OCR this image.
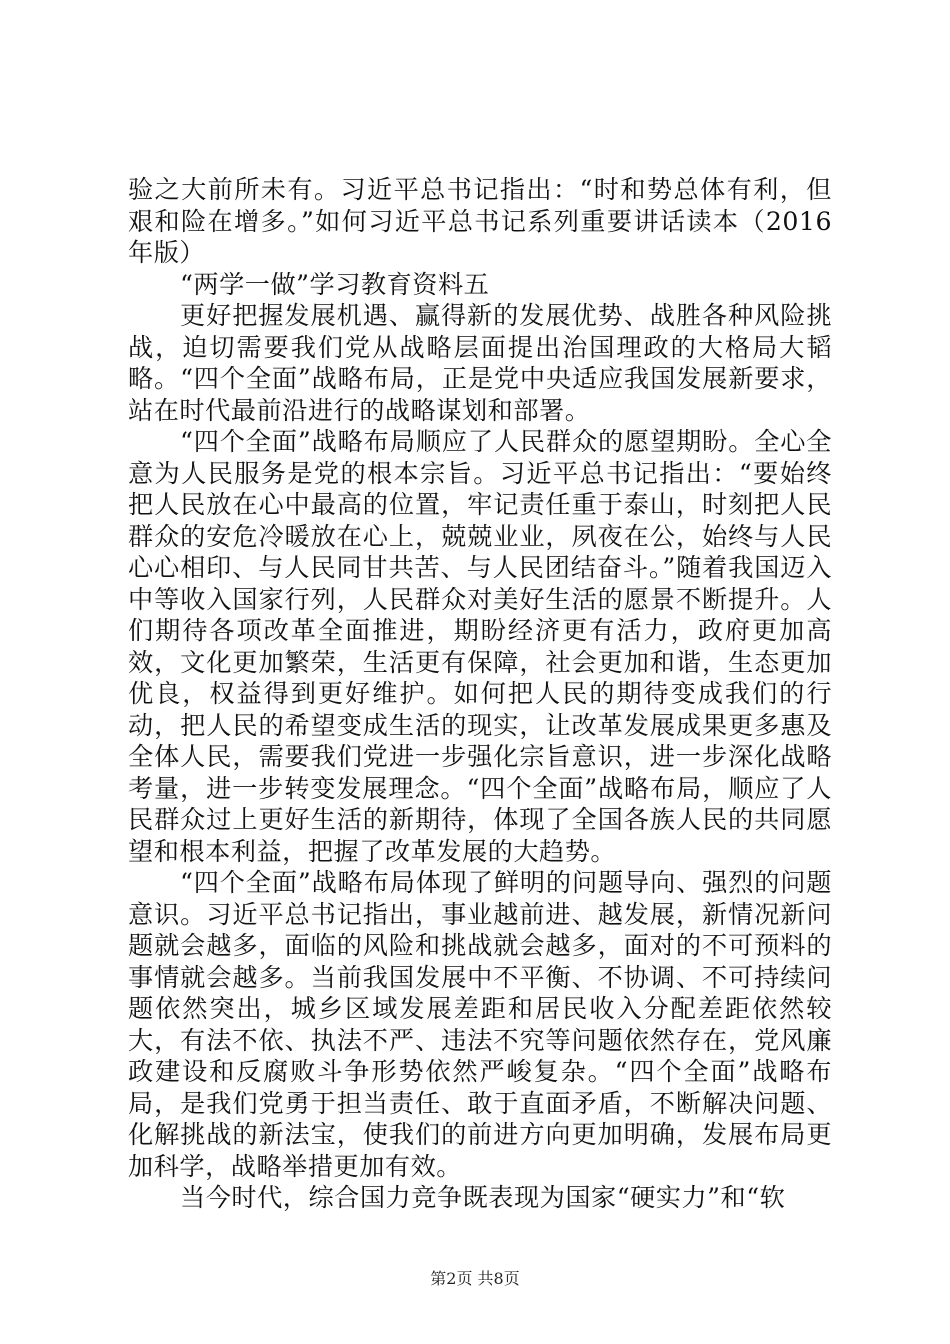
验之大前所未有。习近平总书记指出：“时和势总体有利，但艰和险在增多。”如何习近平总书记系列重要讲话读本（2016年版）

“两学一做”学习教育资料五

更好把握发展机遇、赢得新的发展优势、战胜各种风险挑战，迫切需要我们党从战略层面提出治国理政的大格局大韬略。“四个全面”战略布局，正是党中央适应我国发展新要求，站在时代最前沿进行的战略谋划和部署。

“四个全面”战略布局顺应了人民群众的愿望期盼。全心全意为人民服务是党的根本宗旨。习近平总书记指出：“要始终把人民放在心中最高的位置，牢记责任重于泰山，时刻把人民群众的安危冷暖放在心上，兢兢业业，夙夜在公，始终与人民心心相印、与人民同甘共苦、与人民团结奋斗。”随着我国迈入中等收入国家行列，人民群众对美好生活的愿景不断提升。人们期待各项改革全面推进，期盼经济更有活力，政府更加高效，文化更加繁荣，生活更有保障，社会更加和谐，生态更加优良，权益得到更好维护。如何把人民的期待变成我们的行动，把人民的希望变成生活的现实，让改革发展成果更多惠及全体人民，需要我们党进一步强化宗旨意识，进一步深化战略考量，进一步转变发展理念。“四个全面”战略布局，顺应了人民群众过上更好生活的新期待，体现了全国各族人民的共同愿望和根本利益，把握了改革发展的大趋势。

“四个全面”战略布局体现了鲜明的问题导向、强烈的问题意识。习近平总书记指出，事业越前进、越发展，新情况新问题就会越多，面临的风险和挑战就会越多，面对的不可预料的事情就会越多。当前我国发展中不平衡、不协调、不可持续问题依然突出，城乡区域发展差距和居民收入分配差距依然较大，有法不依、执法不严、违法不究等问题依然存在，党风廉政建设和反腐败斗争形势依然严峻复杂。“四个全面”战略布局，是我们党勇于担当责任、敢于直面矛盾，不断解决问题、化解挑战的新法宝，使我们的前进方向更加明确，发展布局更加科学，战略举措更加有效。

当今时代，综合国力竞争既表现为国家“硬实力”和“软

第2页 共8页
